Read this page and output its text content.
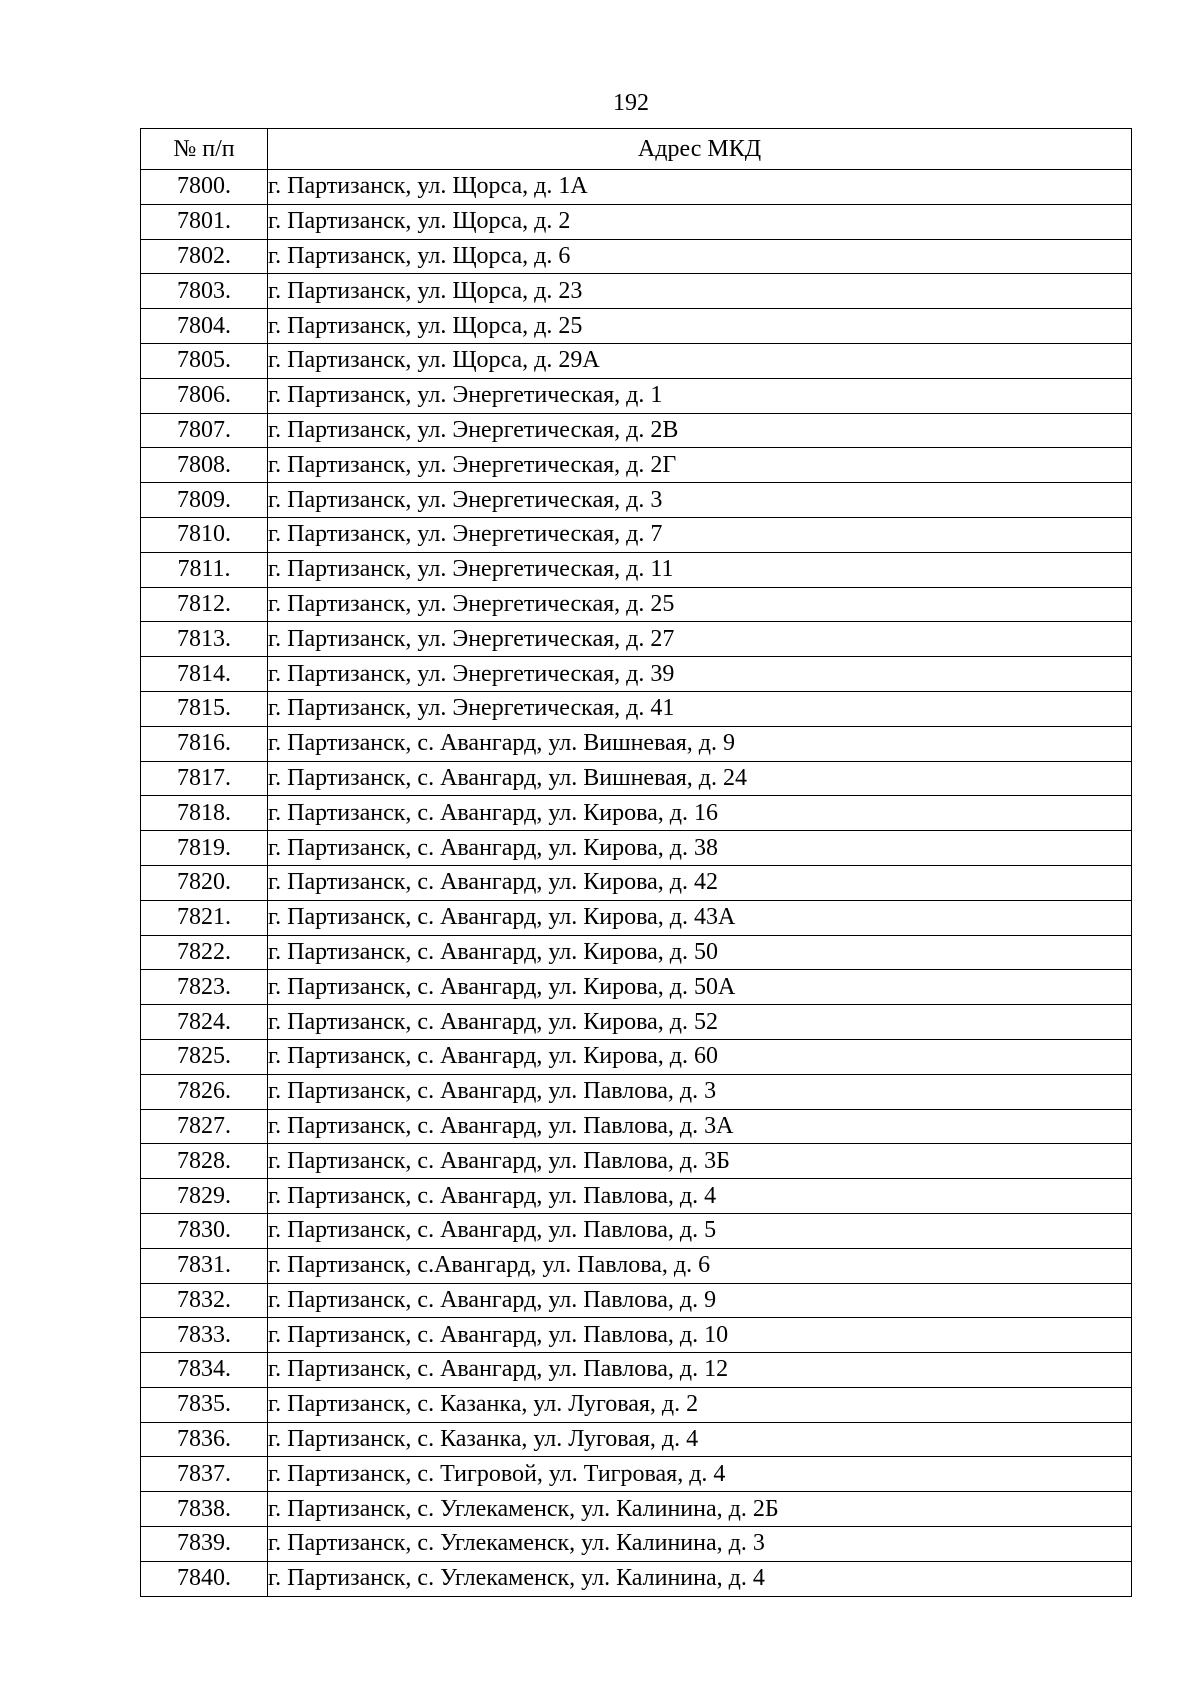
192
№ п/п	Адрес МКД
7800.	г. Партизанск, ул. Щорса, д. 1А
7801.	г. Партизанск, ул. Щорса, д. 2
7802.	г. Партизанск, ул. Щорса, д. 6
7803.	г. Партизанск, ул. Щорса, д. 23
7804.	г. Партизанск, ул. Щорса, д. 25
7805.	г. Партизанск, ул. Щорса, д. 29А
7806.	г. Партизанск, ул. Энергетическая, д. 1
7807.	г. Партизанск, ул. Энергетическая, д. 2В
7808.	г. Партизанск, ул. Энергетическая, д. 2Г
7809.	г. Партизанск, ул. Энергетическая, д. 3
7810.	г. Партизанск, ул. Энергетическая, д. 7
7811.	г. Партизанск, ул. Энергетическая, д. 11
7812.	г. Партизанск, ул. Энергетическая, д. 25
7813.	г. Партизанск, ул. Энергетическая, д. 27
7814.	г. Партизанск, ул. Энергетическая, д. 39
7815.	г. Партизанск, ул. Энергетическая, д. 41
7816.	г. Партизанск, с. Авангард, ул. Вишневая, д. 9
7817.	г. Партизанск, с. Авангард, ул. Вишневая, д. 24
7818.	г. Партизанск, с. Авангард, ул. Кирова, д. 16
7819.	г. Партизанск, с. Авангард, ул. Кирова, д. 38
7820.	г. Партизанск, с. Авангард, ул. Кирова, д. 42
7821.	г. Партизанск, с. Авангард, ул. Кирова, д. 43А
7822.	г. Партизанск, с. Авангард, ул. Кирова, д. 50
7823.	г. Партизанск, с. Авангард, ул. Кирова, д. 50А
7824.	г. Партизанск, с. Авангард, ул. Кирова, д. 52
7825.	г. Партизанск, с. Авангард, ул. Кирова, д. 60
7826.	г. Партизанск, с. Авангард, ул. Павлова, д. 3
7827.	г. Партизанск, с. Авангард, ул. Павлова, д. 3А
7828.	г. Партизанск, с. Авангард, ул. Павлова, д. 3Б
7829.	г. Партизанск, с. Авангард, ул. Павлова, д. 4
7830.	г. Партизанск, с. Авангард, ул. Павлова, д. 5
7831.	г. Партизанск, с.Авангард, ул. Павлова, д. 6
7832.	г. Партизанск, с. Авангард, ул. Павлова, д. 9
7833.	г. Партизанск, с. Авангард, ул. Павлова, д. 10
7834.	г. Партизанск, с. Авангард, ул. Павлова, д. 12
7835.	г. Партизанск, с. Казанка, ул. Луговая, д. 2
7836.	г. Партизанск, с. Казанка, ул. Луговая, д. 4
7837.	г. Партизанск, с. Тигровой, ул. Тигровая, д. 4
7838.	г. Партизанск, с. Углекаменск, ул. Калинина, д. 2Б
7839.	г. Партизанск, с. Углекаменск, ул. Калинина, д. 3
7840.	г. Партизанск, с. Углекаменск, ул. Калинина, д. 4
